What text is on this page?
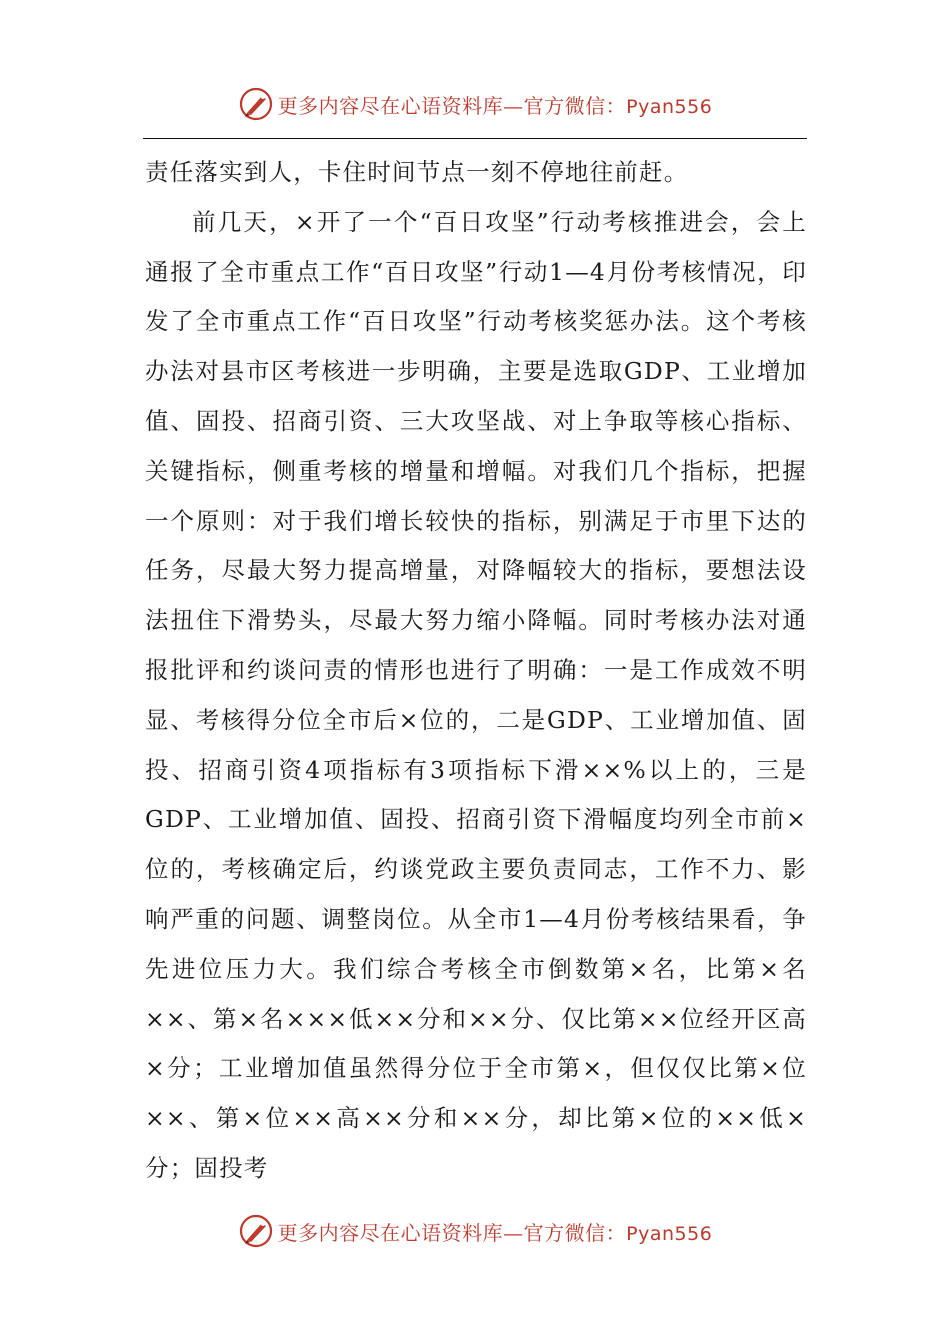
更多内容尽在心语资料库—官方微信：Pyan556

责任落实到人，卡住时间节点一刻不停地往前赶。

前几天，×开了一个“百日攻坚”行动考核推进会，会上通报了全市重点工作“百日攻坚”行动1—4月份考核情况，印发了全市重点工作“百日攻坚”行动考核奖惩办法。这个考核办法对县市区考核进一步明确，主要是选取GDP、工业增加值、固投、招商引资、三大攻坚战、对上争取等核心指标、关键指标，侧重考核的增量和增幅。对我们几个指标，把握一个原则：对于我们增长较快的指标，别满足于市里下达的任务，尽最大努力提高增量，对降幅较大的指标，要想法设法扭住下滑势头，尽最大努力缩小降幅。同时考核办法对通报批评和约谈问责的情形也进行了明确：一是工作成效不明显、考核得分位全市后×位的，二是GDP、工业增加值、固投、招商引资4项指标有3项指标下滑××%以上的，三是GDP、工业增加值、固投、招商引资下滑幅度均列全市前×位的，考核确定后，约谈党政主要负责同志，工作不力、影响严重的问题、调整岗位。从全市1—4月份考核结果看，争先进位压力大。我们综合考核全市倒数第×名，比第×名××、第×名×××低××分和××分、仅比第××位经开区高×分；工业增加值虽然得分位于全市第×，但仅仅比第×位××、第×位××高××分和××分，却比第×位的××低×分；固投考

更多内容尽在心语资料库—官方微信：Pyan556
